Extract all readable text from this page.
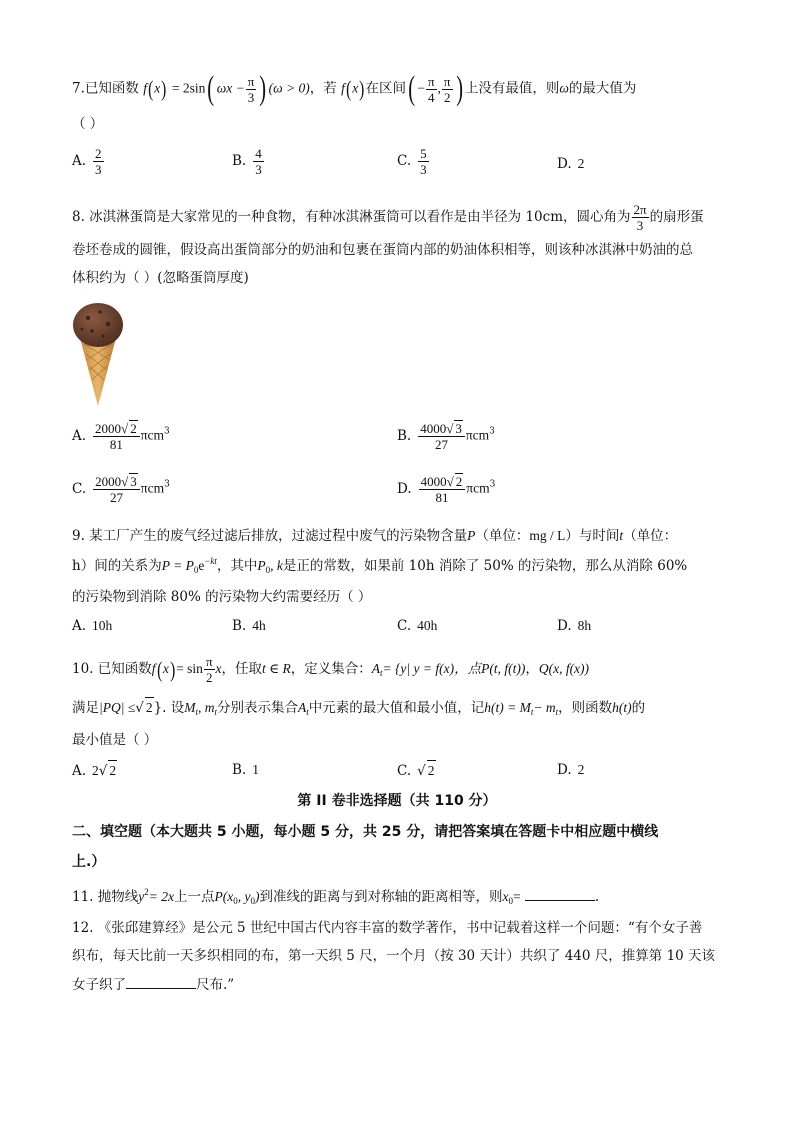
7.已知函数 f(x) = 2sin( $\omega x - \frac{\pi}{3}$ ) (ω > 0)，若 f(x)在区间( − $\frac{\pi}{4}$ , $\frac{\pi}{2}$ ) 上没有最值，则ω的最大值为
（ ）
A. $\frac{2}{3}$	B. $\frac{4}{3}$	C. $\frac{5}{3}$	D. 2
8. 冰淇淋蛋筒是大家常见的一种食物，有种冰淇淋蛋筒可以看作是由半径为 10cm，圆心角为 $\frac{2\pi}{3}$ 的扇形蛋
卷坯卷成的圆锥，假设高出蛋筒部分的奶油和包裹在蛋筒内部的奶油体积相等，则该种冰淇淋中奶油的总
体积约为（ ）(忽略蛋筒厚度)
A. $\frac{2000√ 2}{81} \pi cm^3$	B. $\frac{4000√ 3}{27} \pi cm^3$
C. $\frac{2000√ 3}{27} \pi cm^3$	D. $\frac{4000√ 2}{81} \pi cm^3$
9. 某工厂产生的废气经过滤后排放，过滤过程中废气的污染物含量P（单位：mg / L）与时间t（单位：
h）间的关系为$P = P_0e^{-kt}$，其中$P_0$, k是正的常数，如果前 10h 消除了 50% 的污染物，那么从消除 60%
的污染物到消除 80% 的污染物大约需要经历（ ）
A. 10h	B. 4h	C. 40h	D. 8h
10. 已知函数$f(x)= \sin \frac{\pi}{2}$ x，任取t ∈ R，定义集合：$A_t= \{y|$ y = f(x)，点P(t, f(t))，Q(x, f(x))
满足|PQ| ≤√ 2}. 设$M_t$, $m_t$分别表示集合$A_t$中元素的最大值和最小值，记$h(t) = M_t- m_t$，则函数h(t)的
最小值是（ ）
A. 2√ 2	B. 1	C. √ 2	D. 2
第 II 卷非选择题（共 110 分）
二、填空题（本大题共 5 小题，每小题 5 分，共 25 分，请把答案填在答题卡中相应题中横线
上.）
11. 抛物线$y^2= 2x$上一点$P(x_0$, $y_0$)到准线的距离与到对称轴的距离相等，则$x_0=$	.
12. 《张邱建算经》是公元 5 世纪中国古代内容丰富的数学著作，书中记载着这样一个问题：“有个女子善
织布，每天比前一天多织相同的布，第一天织 5 尺，一个月（按 30 天计）共织了 440 尺，推算第 10 天该
女子织了	尺布.”
